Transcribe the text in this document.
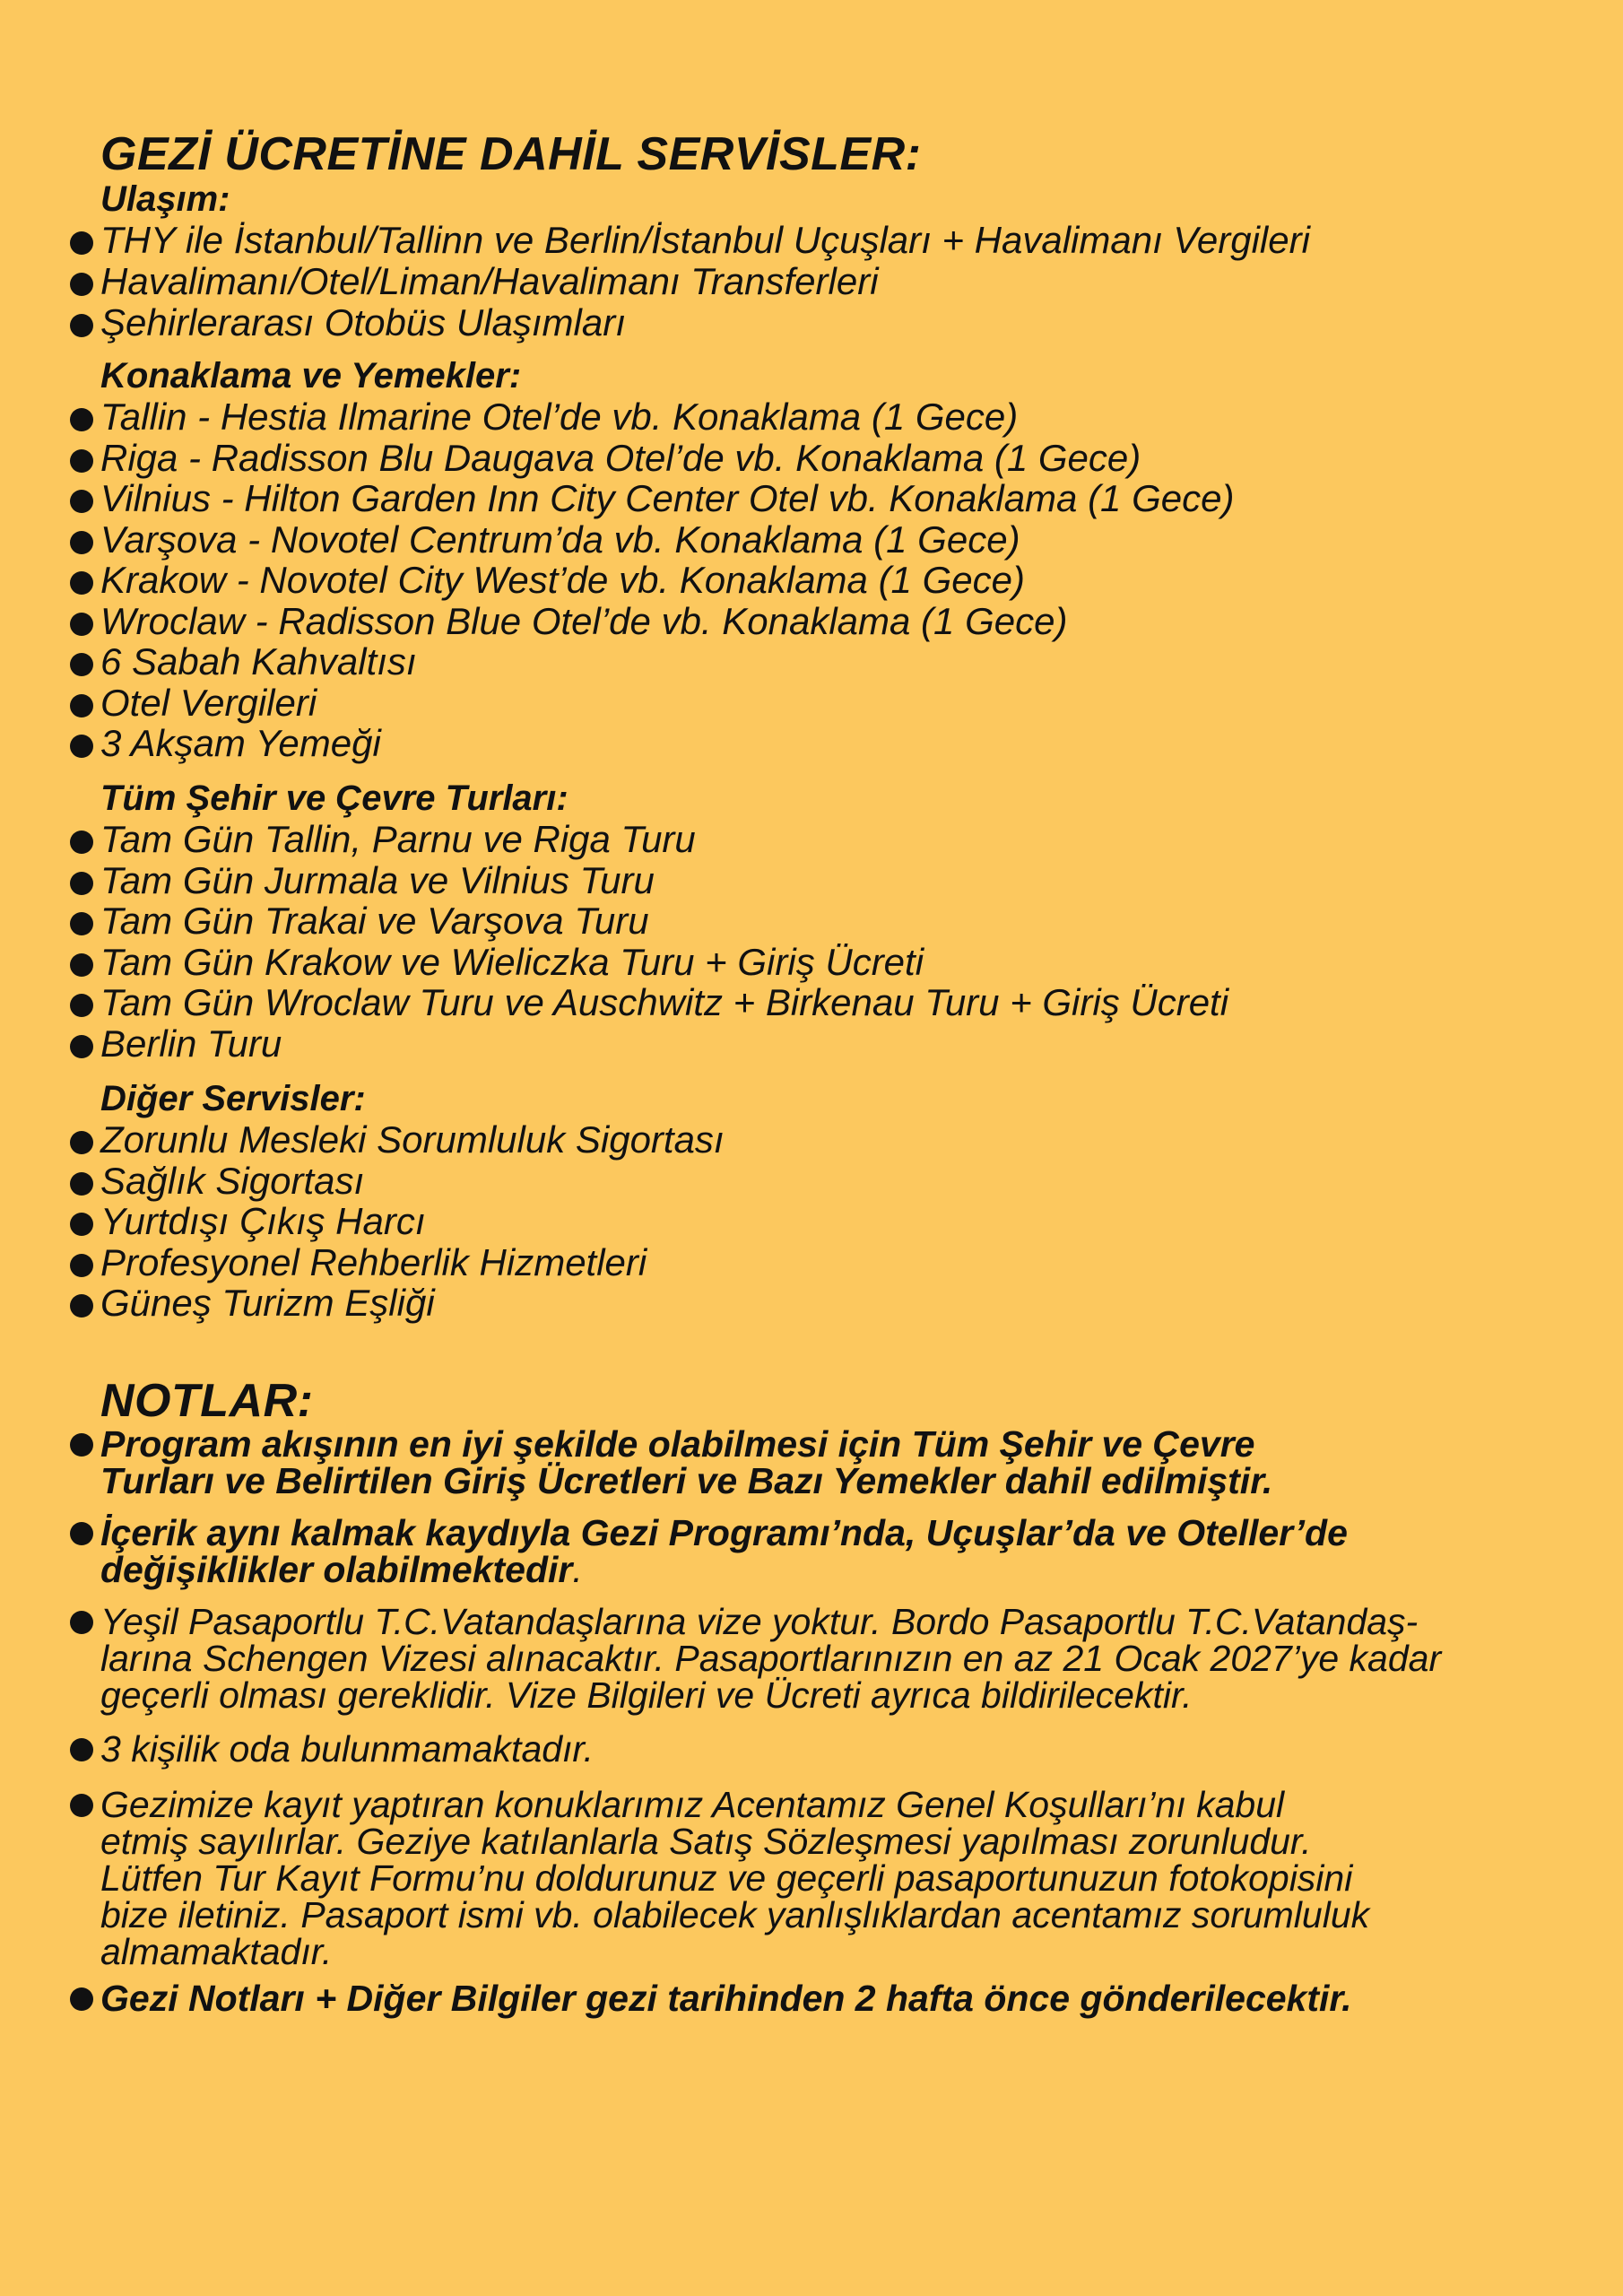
GEZİ ÜCRETİNE DAHİL SERVİSLER:
Ulaşım:
THY ile İstanbul/Tallinn ve Berlin/İstanbul Uçuşları + Havalimanı Vergileri
Havalimanı/Otel/Liman/Havalimanı Transferleri
Şehirlerarası Otobüs Ulaşımları
Konaklama ve Yemekler:
Tallin - Hestia Ilmarine Otel’de vb. Konaklama (1 Gece)
Riga - Radisson Blu Daugava Otel’de vb. Konaklama (1 Gece)
Vilnius - Hilton Garden Inn City Center Otel vb. Konaklama (1 Gece)
Varşova - Novotel Centrum’da vb. Konaklama (1 Gece)
Krakow - Novotel City West’de vb. Konaklama (1 Gece)
Wroclaw - Radisson Blue Otel’de vb. Konaklama (1 Gece)
6 Sabah Kahvaltısı
Otel Vergileri
3 Akşam Yemeği
Tüm Şehir ve Çevre Turları:
Tam Gün Tallin, Parnu ve Riga Turu
Tam Gün Jurmala ve Vilnius Turu
Tam Gün Trakai ve Varşova Turu
Tam Gün Krakow ve Wieliczka Turu + Giriş Ücreti
Tam Gün Wroclaw Turu ve Auschwitz + Birkenau Turu + Giriş Ücreti
Berlin Turu
Diğer Servisler:
Zorunlu Mesleki Sorumluluk Sigortası
Sağlık Sigortası
Yurtdışı Çıkış Harcı
Profesyonel Rehberlik Hizmetleri
Güneş Turizm Eşliği
NOTLAR:
Program akışının en iyi şekilde olabilmesi için Tüm Şehir ve Çevre
Turları ve Belirtilen Giriş Ücretleri ve Bazı Yemekler dahil edilmiştir.
İçerik aynı kalmak kaydıyla Gezi Programı’nda, Uçuşlar’da ve Oteller’de
değişiklikler olabilmektedir.
Yeşil Pasaportlu T.C.Vatandaşlarına vize yoktur. Bordo Pasaportlu T.C.Vatandaş-
larına Schengen Vizesi alınacaktır. Pasaportlarınızın en az 21 Ocak 2027’ye kadar
geçerli olması gereklidir. Vize Bilgileri ve Ücreti ayrıca bildirilecektir.
3 kişilik oda bulunmamaktadır.
Gezimize kayıt yaptıran konuklarımız Acentamız Genel Koşulları’nı kabul
etmiş sayılırlar. Geziye katılanlarla Satış Sözleşmesi yapılması zorunludur.
Lütfen Tur Kayıt Formu’nu doldurunuz ve geçerli pasaportunuzun fotokopisini
bize iletiniz. Pasaport ismi vb. olabilecek yanlışlıklardan acentamız sorumluluk
almamaktadır.
Gezi Notları + Diğer Bilgiler gezi tarihinden 2 hafta önce gönderilecektir.
